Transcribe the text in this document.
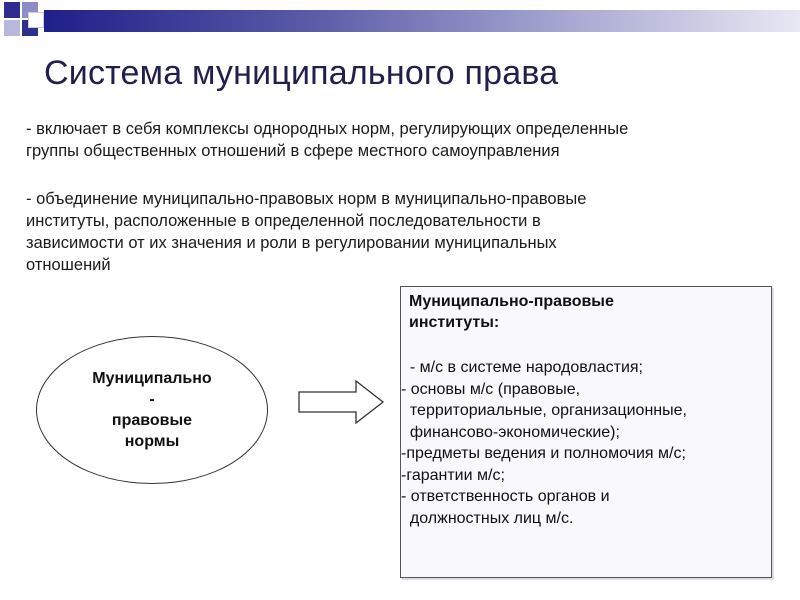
Система муниципального права

- включает в себя комплексы однородных норм, регулирующих определенные
группы общественных отношений в сфере местного самоуправления

- объединение муниципально-правовых норм в муниципально-правовые
институты, расположенные в определенной последовательности в
зависимости от их значения и роли в регулировании муниципальных
отношений

Муниципально
-
правовые
нормы
Муниципально-правовые
институты:
- м/с в системе народовластия;
- основы м/с (правовые,
территориальные, организационные,
финансово-экономические);
-предметы ведения и полномочия м/с;
-гарантии м/с;
- ответственность органов и
должностных лиц м/с.
